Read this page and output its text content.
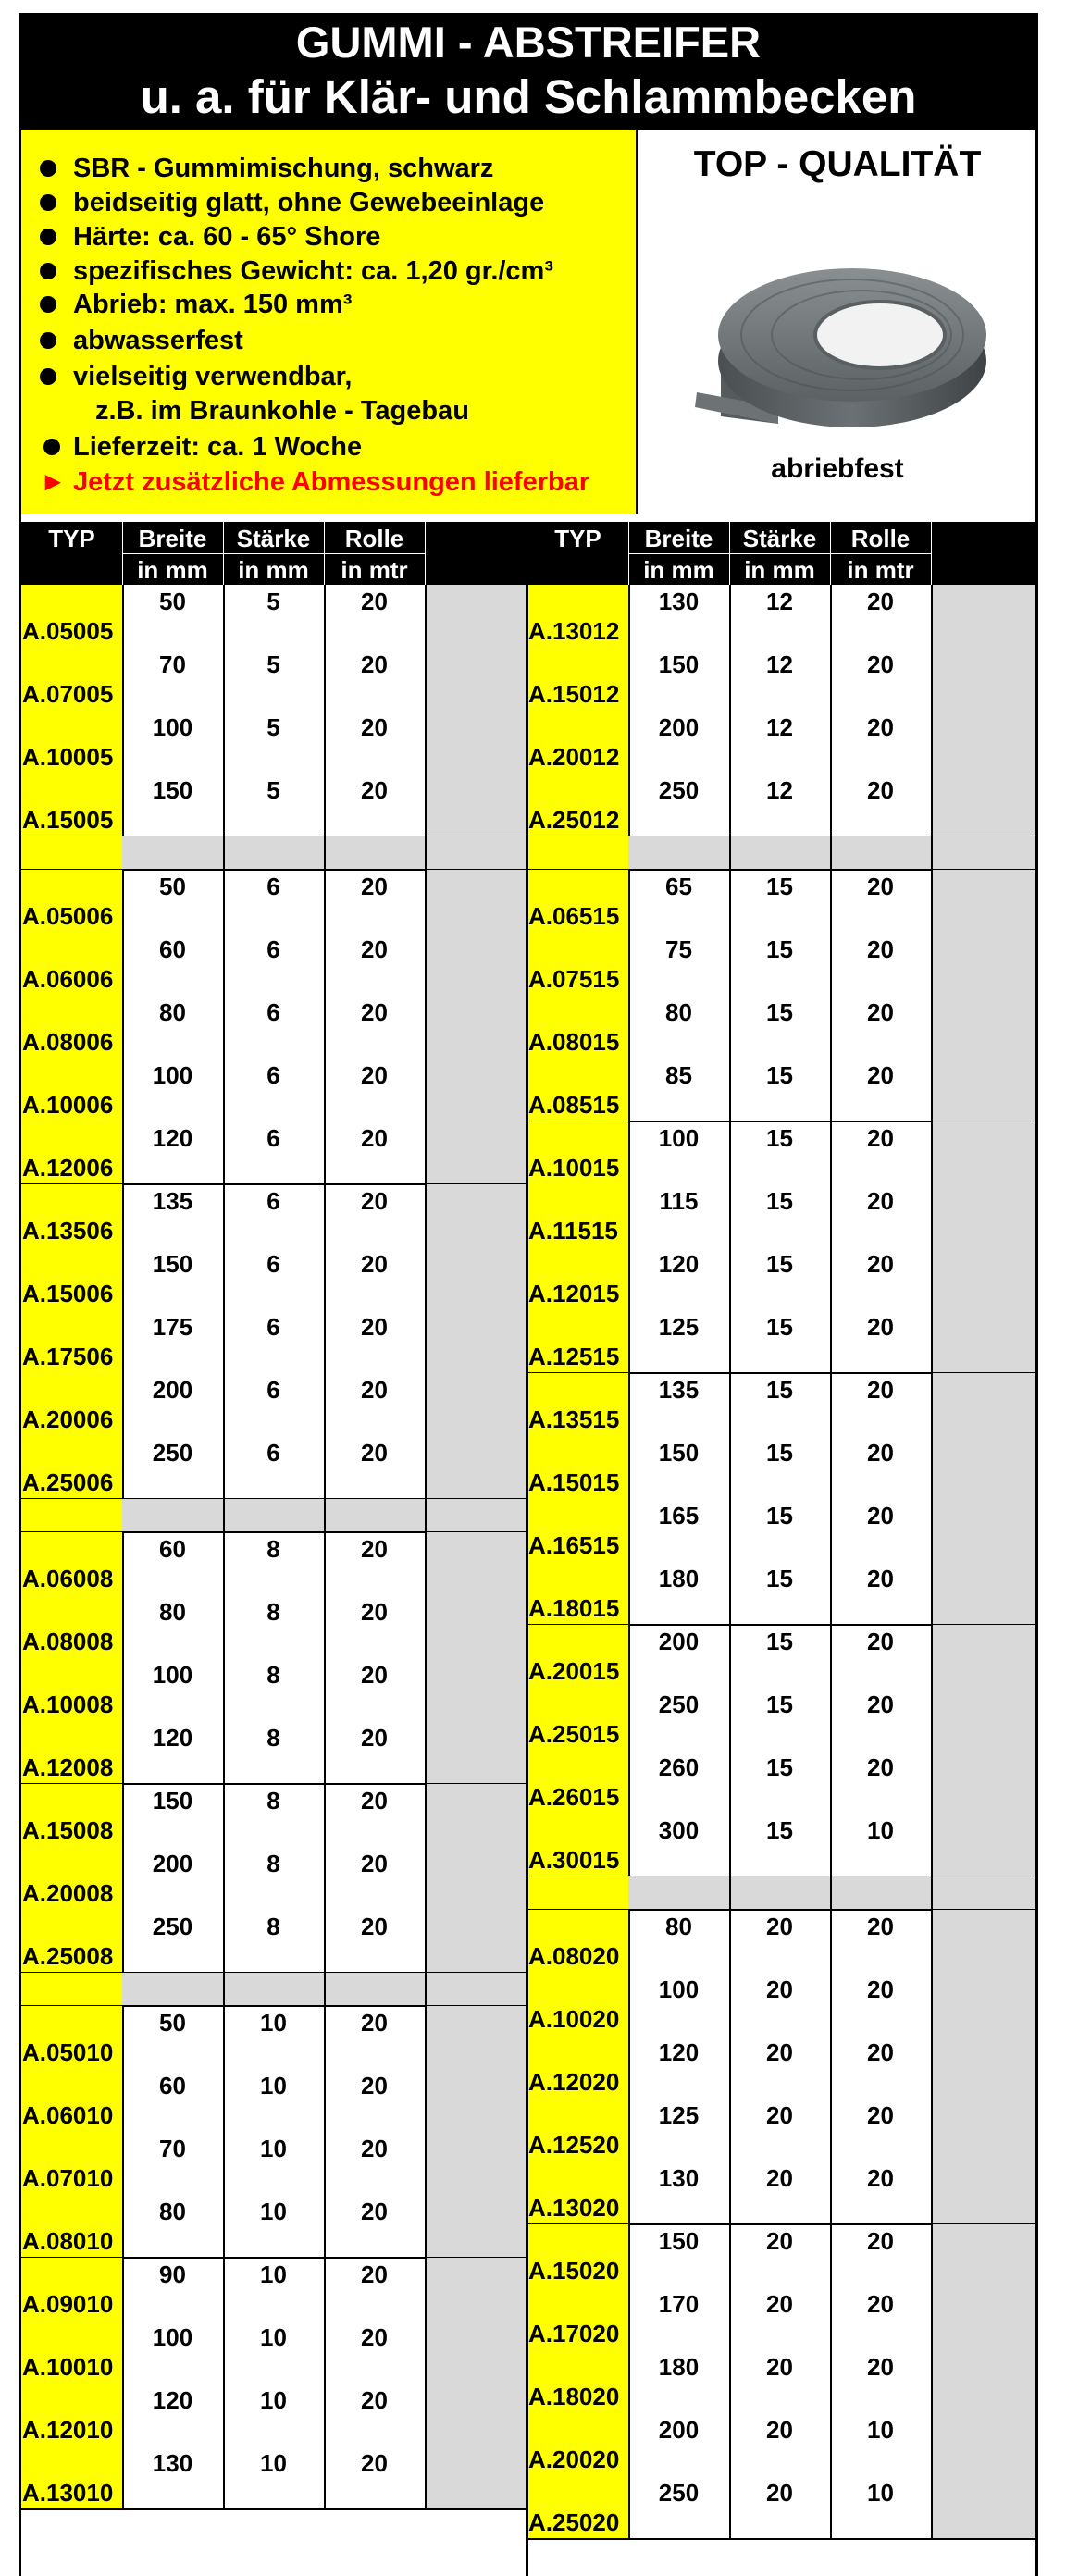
GUMMI - ABSTREIFER
u. a. für Klär- und Schlammbecken
SBR - Gummimischung, schwarz
beidseitig glatt, ohne Gewebeeinlage
Härte: ca. 60 - 65° Shore
spezifisches Gewicht: ca. 1,20 gr./cm³
Abrieb: max. 150 mm³
abwasserfest
vielseitig verwendbar,
z.B. im Braunkohle - Tagebau
Lieferzeit: ca. 1 Woche
► Jetzt zusätzliche Abmessungen lieferbar
TOP - QUALITÄT
abriebfest
TYP	Breite	Stärke	Rolle
in mm	in mm	in mtr
TYP	Breite	Stärke	Rolle
in mm	in mm	in mtr
A.05005
50	5	20
A.07005
70	5	20
A.10005
100	5	20
A.15005
150	5	20
A.05006
50	6	20
A.06006
60	6	20
A.08006
80	6	20
A.10006
100	6	20
A.12006
120	6	20
A.13506
135	6	20
A.15006
150	6	20
A.17506
175	6	20
A.20006
200	6	20
A.25006
250	6	20
A.06008
60	8	20
A.08008
80	8	20
A.10008
100	8	20
A.12008
120	8	20
A.15008
150	8	20
A.20008
200	8	20
A.25008
250	8	20
A.05010
50	10	20
A.06010
60	10	20
A.07010
70	10	20
A.08010
80	10	20
A.09010
90	10	20
A.10010
100	10	20
A.12010
120	10	20
A.13010
130	10	20
A.13012
130	12	20
A.15012
150	12	20
A.20012
200	12	20
A.25012
250	12	20
A.06515
65	15	20
A.07515
75	15	20
A.08015
80	15	20
A.08515
85	15	20
A.10015
100	15	20
A.11515
115	15	20
A.12015
120	15	20
A.12515
125	15	20
A.13515
135	15	20
A.15015
150	15	20
A.16515
165	15	20
A.18015
180	15	20
A.20015
200	15	20
A.25015
250	15	20
A.26015
260	15	20
A.30015
300	15	10
A.08020
80	20	20
A.10020
100	20	20
A.12020
120	20	20
A.12520
125	20	20
A.13020
130	20	20
A.15020
150	20	20
A.17020
170	20	20
A.18020
180	20	20
A.20020
200	20	10
A.25020
250	20	10
